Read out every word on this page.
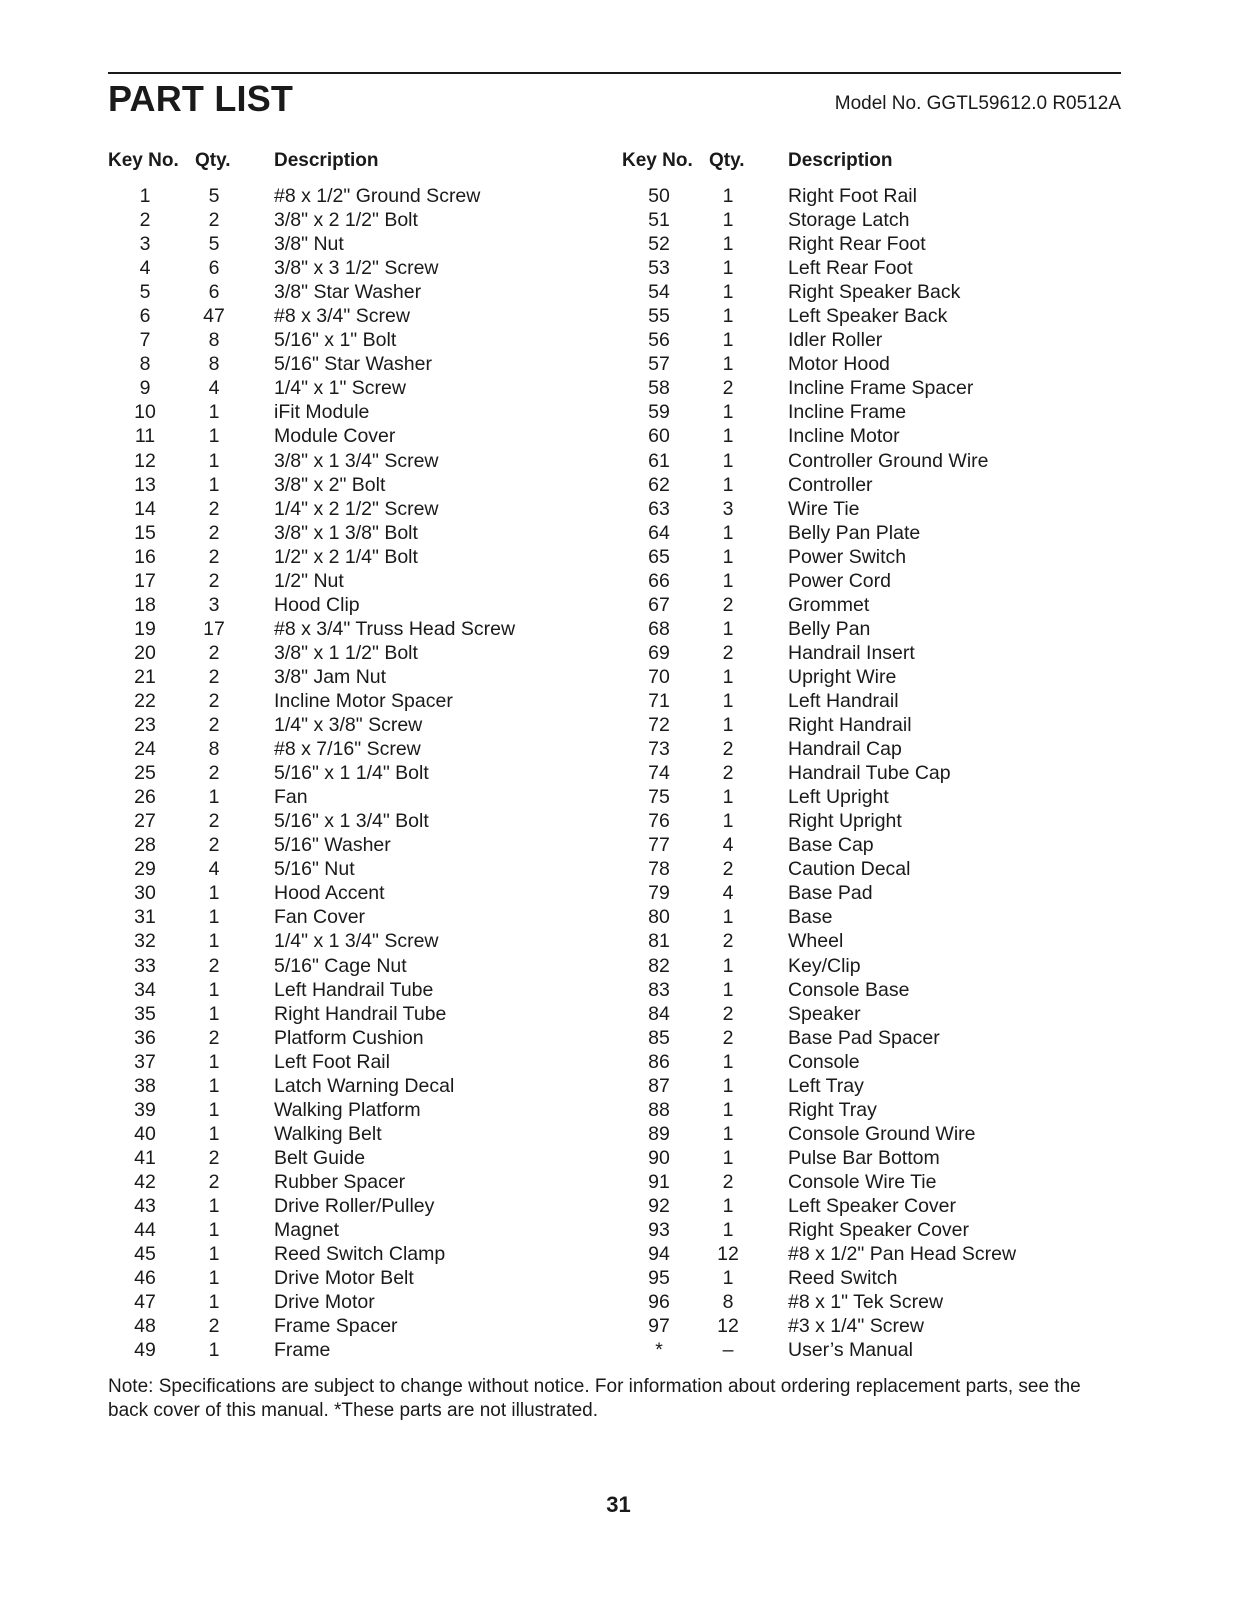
PART LIST	Model No. GGTL59612.0 R0512A
Key No. Qty. Description
1	5	#8 x 1/2" Ground Screw
2	2	3/8" x 2 1/2" Bolt
3	5	3/8" Nut
4	6	3/8" x 3 1/2" Screw
5	6	3/8" Star Washer
6	47	#8 x 3/4" Screw
7	8	5/16" x 1" Bolt
8	8	5/16" Star Washer
9	4	1/4" x 1" Screw
10	1	iFit Module
11	1	Module Cover
12	1	3/8" x 1 3/4" Screw
13	1	3/8" x 2" Bolt
14	2	1/4" x 2 1/2" Screw
15	2	3/8" x 1 3/8" Bolt
16	2	1/2" x 2 1/4" Bolt
17	2	1/2" Nut
18	3	Hood Clip
19	17	#8 x 3/4" Truss Head Screw
20	2	3/8" x 1 1/2" Bolt
21	2	3/8" Jam Nut
22	2	Incline Motor Spacer
23	2	1/4" x 3/8" Screw
24	8	#8 x 7/16" Screw
25	2	5/16" x 1 1/4" Bolt
26	1	Fan
27	2	5/16" x 1 3/4" Bolt
28	2	5/16" Washer
29	4	5/16" Nut
30	1	Hood Accent
31	1	Fan Cover
32	1	1/4" x 1 3/4" Screw
33	2	5/16" Cage Nut
34	1	Left Handrail Tube
35	1	Right Handrail Tube
36	2	Platform Cushion
37	1	Left Foot Rail
38	1	Latch Warning Decal
39	1	Walking Platform
40	1	Walking Belt
41	2	Belt Guide
42	2	Rubber Spacer
43	1	Drive Roller/Pulley
44	1	Magnet
45	1	Reed Switch Clamp
46	1	Drive Motor Belt
47	1	Drive Motor
48	2	Frame Spacer
49	1	Frame
Key No. Qty. Description
50	1	Right Foot Rail
51	1	Storage Latch
52	1	Right Rear Foot
53	1	Left Rear Foot
54	1	Right Speaker Back
55	1	Left Speaker Back
56	1	Idler Roller
57	1	Motor Hood
58	2	Incline Frame Spacer
59	1	Incline Frame
60	1	Incline Motor
61	1	Controller Ground Wire
62	1	Controller
63	3	Wire Tie
64	1	Belly Pan Plate
65	1	Power Switch
66	1	Power Cord
67	2	Grommet
68	1	Belly Pan
69	2	Handrail Insert
70	1	Upright Wire
71	1	Left Handrail
72	1	Right Handrail
73	2	Handrail Cap
74	2	Handrail Tube Cap
75	1	Left Upright
76	1	Right Upright
77	4	Base Cap
78	2	Caution Decal
79	4	Base Pad
80	1	Base
81	2	Wheel
82	1	Key/Clip
83	1	Console Base
84	2	Speaker
85	2	Base Pad Spacer
86	1	Console
87	1	Left Tray
88	1	Right Tray
89	1	Console Ground Wire
90	1	Pulse Bar Bottom
91	2	Console Wire Tie
92	1	Left Speaker Cover
93	1	Right Speaker Cover
94	12	#8 x 1/2" Pan Head Screw
95	1	Reed Switch
96	8	#8 x 1" Tek Screw
97	12	#3 x 1/4" Screw
*	–	User’s Manual
Note: Specifications are subject to change without notice. For information about ordering replacement parts, see the back cover of this manual. *These parts are not illustrated.
31
